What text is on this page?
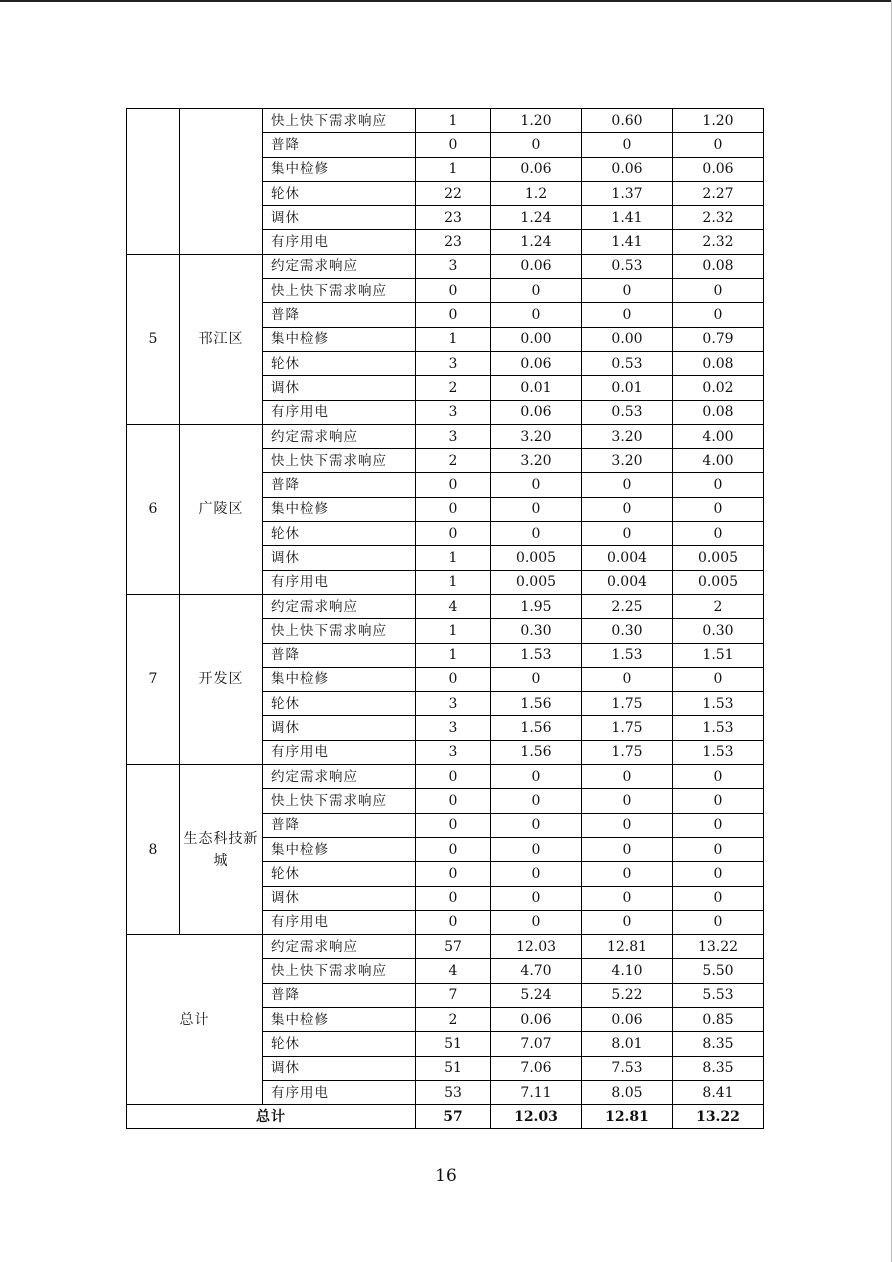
		快上快下需求响应	1	1.20	0.60	1.20
		普降	0	0	0	0
		集中检修	1	0.06	0.06	0.06
		轮休	22	1.2	1.37	2.27
		调休	23	1.24	1.41	2.32
		有序用电	23	1.24	1.41	2.32
5	邗江区	约定需求响应	3	0.06	0.53	0.08
		快上快下需求响应	0	0	0	0
		普降	0	0	0	0
		集中检修	1	0.00	0.00	0.79
		轮休	3	0.06	0.53	0.08
		调休	2	0.01	0.01	0.02
		有序用电	3	0.06	0.53	0.08
6	广陵区	约定需求响应	3	3.20	3.20	4.00
		快上快下需求响应	2	3.20	3.20	4.00
		普降	0	0	0	0
		集中检修	0	0	0	0
		轮休	0	0	0	0
		调休	1	0.005	0.004	0.005
		有序用电	1	0.005	0.004	0.005
7	开发区	约定需求响应	4	1.95	2.25	2
		快上快下需求响应	1	0.30	0.30	0.30
		普降	1	1.53	1.53	1.51
		集中检修	0	0	0	0
		轮休	3	1.56	1.75	1.53
		调休	3	1.56	1.75	1.53
		有序用电	3	1.56	1.75	1.53
8	生态科技新城	约定需求响应	0	0	0	0
		快上快下需求响应	0	0	0	0
		普降	0	0	0	0
		集中检修	0	0	0	0
		轮休	0	0	0	0
		调休	0	0	0	0
		有序用电	0	0	0	0
总计		约定需求响应	57	12.03	12.81	13.22
		快上快下需求响应	4	4.70	4.10	5.50
		普降	7	5.24	5.22	5.53
		集中检修	2	0.06	0.06	0.85
		轮休	51	7.07	8.01	8.35
		调休	51	7.06	7.53	8.35
		有序用电	53	7.11	8.05	8.41
总计			57	12.03	12.81	13.22
16
